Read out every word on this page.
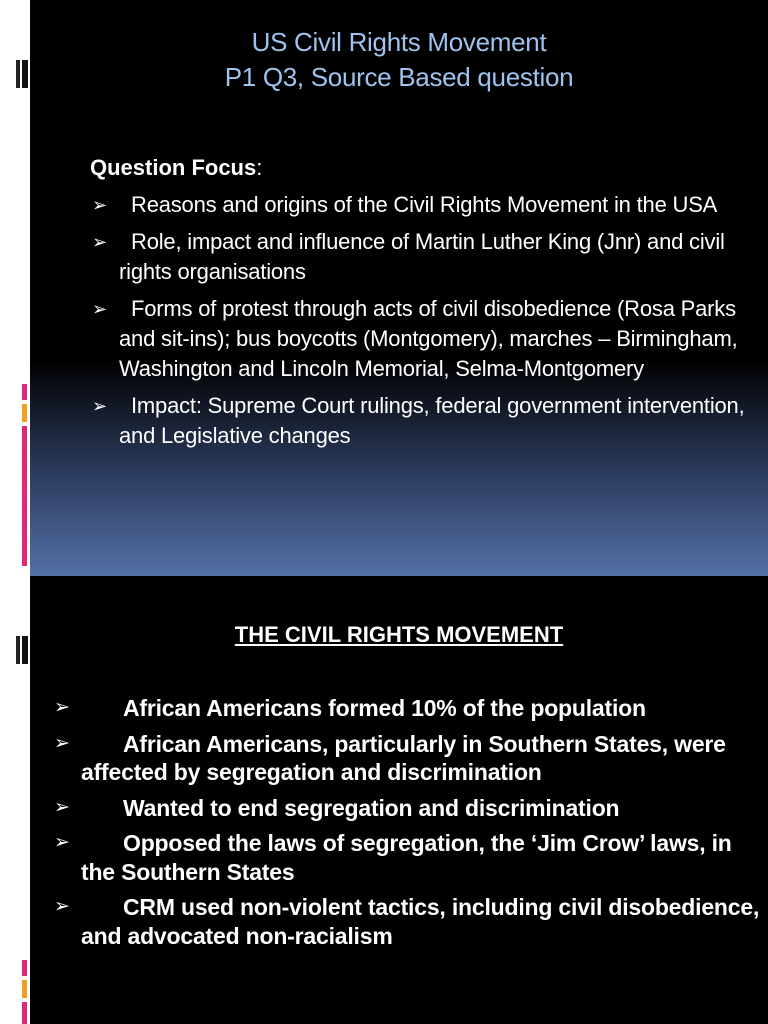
US Civil Rights Movement
P1 Q3, Source Based question
Question Focus:
➢	Reasons and origins of the Civil Rights Movement in the USA
➢	Role, impact and influence of Martin Luther King (Jnr) and civil rights organisations
➢	Forms of protest through acts of civil disobedience (Rosa Parks and sit-ins); bus boycotts (Montgomery), marches – Birmingham, Washington and Lincoln Memorial, Selma-Montgomery
➢	Impact: Supreme Court rulings, federal government intervention, and Legislative changes
THE CIVIL RIGHTS MOVEMENT
➢	African Americans formed 10% of the population
➢	African Americans, particularly in Southern States, were affected by segregation and discrimination
➢	Wanted to end segregation and discrimination
➢	Opposed the laws of segregation, the ‘Jim Crow’ laws, in the Southern States
➢	CRM used non-violent tactics, including civil disobedience, and advocated non-racialism
